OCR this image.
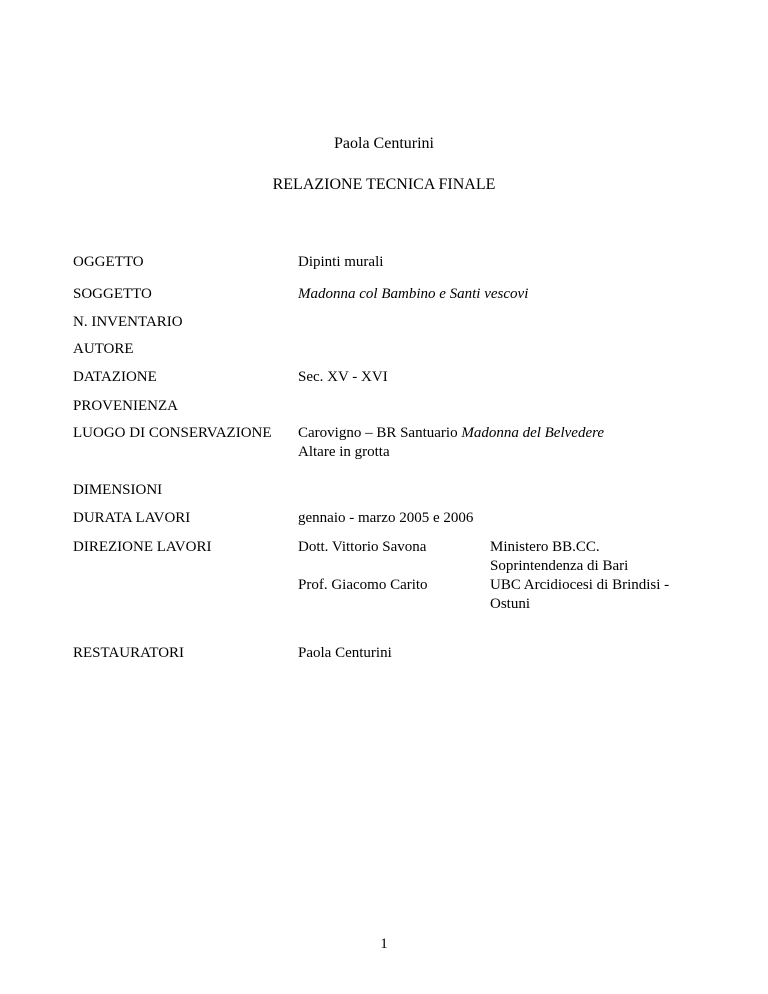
Paola Centurini
RELAZIONE TECNICA FINALE
OGGETTO	Dipinti murali
SOGGETTO	Madonna col Bambino e Santi vescovi
N. INVENTARIO
AUTORE
DATAZIONE	Sec. XV - XVI
PROVENIENZA
LUOGO DI CONSERVAZIONE Carovigno – BR Santuario Madonna del Belvedere
Altare in grotta
DIMENSIONI
DURATA LAVORI	gennaio - marzo 2005 e 2006
DIREZIONE LAVORI	Dott. Vittorio Savona	Ministero BB.CC.
Soprintendenza di Bari
Prof. Giacomo Carito	UBC Arcidiocesi di Brindisi -
Ostuni
RESTAURATORI	Paola Centurini
1
